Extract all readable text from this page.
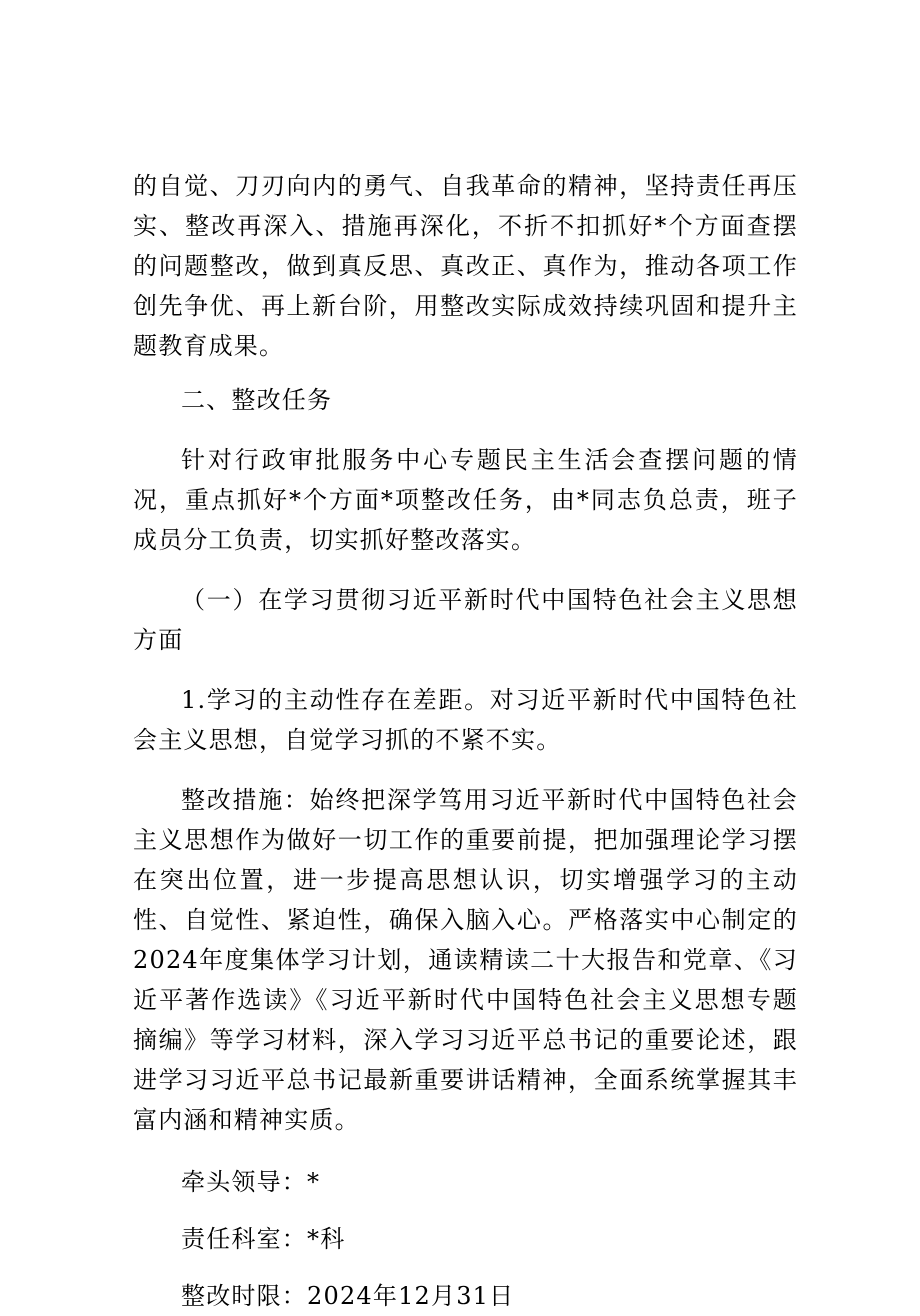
的自觉、刀刃向内的勇气、自我革命的精神，坚持责任再压实、整改再深入、措施再深化，不折不扣抓好*个方面查摆的问题整改，做到真反思、真改正、真作为，推动各项工作创先争优、再上新台阶，用整改实际成效持续巩固和提升主题教育成果。

二、整改任务

针对行政审批服务中心专题民主生活会查摆问题的情况，重点抓好*个方面*项整改任务，由*同志负总责，班子成员分工负责，切实抓好整改落实。

（一）在学习贯彻习近平新时代中国特色社会主义思想方面

1.学习的主动性存在差距。对习近平新时代中国特色社会主义思想，自觉学习抓的不紧不实。

整改措施：始终把深学笃用习近平新时代中国特色社会主义思想作为做好一切工作的重要前提，把加强理论学习摆在突出位置，进一步提高思想认识，切实增强学习的主动性、自觉性、紧迫性，确保入脑入心。严格落实中心制定的2024年度集体学习计划，通读精读二十大报告和党章、《习近平著作选读》《习近平新时代中国特色社会主义思想专题摘编》等学习材料，深入学习习近平总书记的重要论述，跟进学习习近平总书记最新重要讲话精神，全面系统掌握其丰富内涵和精神实质。

牵头领导：*

责任科室：*科

整改时限：2024年12月31日
